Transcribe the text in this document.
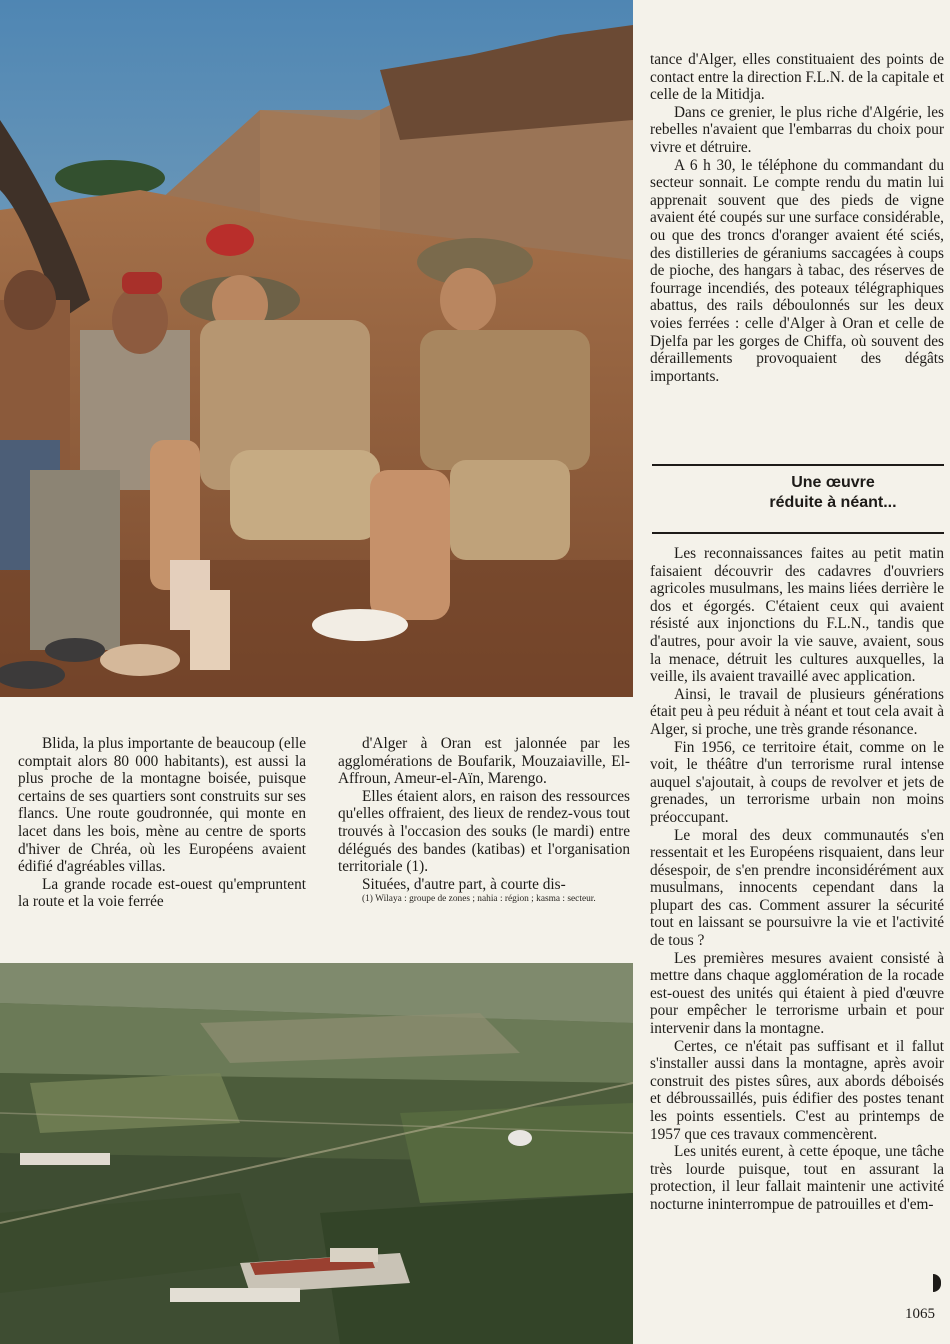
Blida, la plus importante de beaucoup (elle comptait alors 80 000 habitants), est aussi la plus proche de la montagne boisée, puisque certains de ses quartiers sont construits sur ses flancs. Une route goudronnée, qui monte en lacet dans les bois, mène au centre de sports d'hiver de Chréa, où les Européens avaient édifié d'agréables villas.

La grande rocade est-ouest qu'empruntent la route et la voie ferrée

d'Alger à Oran est jalonnée par les agglomérations de Boufarik, Mouzaiaville, El-Affroun, Ameur-el-Aïn, Marengo.

Elles étaient alors, en raison des ressources qu'elles offraient, des lieux de rendez-vous tout trouvés à l'occasion des souks (le mardi) entre délégués des bandes (katibas) et l'organisation territoriale (1).

Situées, d'autre part, à courte dis-

(1) Wilaya : groupe de zones ; nahia : région ; kasma : secteur.

tance d'Alger, elles constituaient des points de contact entre la direction F.L.N. de la capitale et celle de la Mitidja.

Dans ce grenier, le plus riche d'Algérie, les rebelles n'avaient que l'embarras du choix pour vivre et détruire.

A 6 h 30, le téléphone du commandant du secteur sonnait. Le compte rendu du matin lui apprenait souvent que des pieds de vigne avaient été coupés sur une surface considérable, ou que des troncs d'oranger avaient été sciés, des distilleries de géraniums saccagées à coups de pioche, des hangars à tabac, des réserves de fourrage incendiés, des poteaux télégraphiques abattus, des rails déboulonnés sur les deux voies ferrées : celle d'Alger à Oran et celle de Djelfa par les gorges de Chiffa, où souvent des déraillements provoquaient des dégâts importants.

Une œuvre
réduite à néant...

Les reconnaissances faites au petit matin faisaient découvrir des cadavres d'ouvriers agricoles musulmans, les mains liées derrière le dos et égorgés. C'étaient ceux qui avaient résisté aux injonctions du F.L.N., tandis que d'autres, pour avoir la vie sauve, avaient, sous la menace, détruit les cultures auxquelles, la veille, ils avaient travaillé avec application.

Ainsi, le travail de plusieurs générations était peu à peu réduit à néant et tout cela avait à Alger, si proche, une très grande résonance.

Fin 1956, ce territoire était, comme on le voit, le théâtre d'un terrorisme rural intense auquel s'ajoutait, à coups de revolver et jets de grenades, un terrorisme urbain non moins préoccupant.

Le moral des deux communautés s'en ressentait et les Européens risquaient, dans leur désespoir, de s'en prendre inconsidérément aux musulmans, innocents cependant dans la plupart des cas. Comment assurer la sécurité tout en laissant se poursuivre la vie et l'activité de tous ?

Les premières mesures avaient consisté à mettre dans chaque agglomération de la rocade est-ouest des unités qui étaient à pied d'œuvre pour empêcher le terrorisme urbain et pour intervenir dans la montagne.

Certes, ce n'était pas suffisant et il fallut s'installer aussi dans la montagne, après avoir construit des pistes sûres, aux abords déboisés et débroussaillés, puis édifier des postes tenant les points essentiels. C'est au printemps de 1957 que ces travaux commencèrent.

Les unités eurent, à cette époque, une tâche très lourde puisque, tout en assurant la protection, il leur fallait maintenir une activité nocturne ininterrompue de patrouilles et d'em-

1065
